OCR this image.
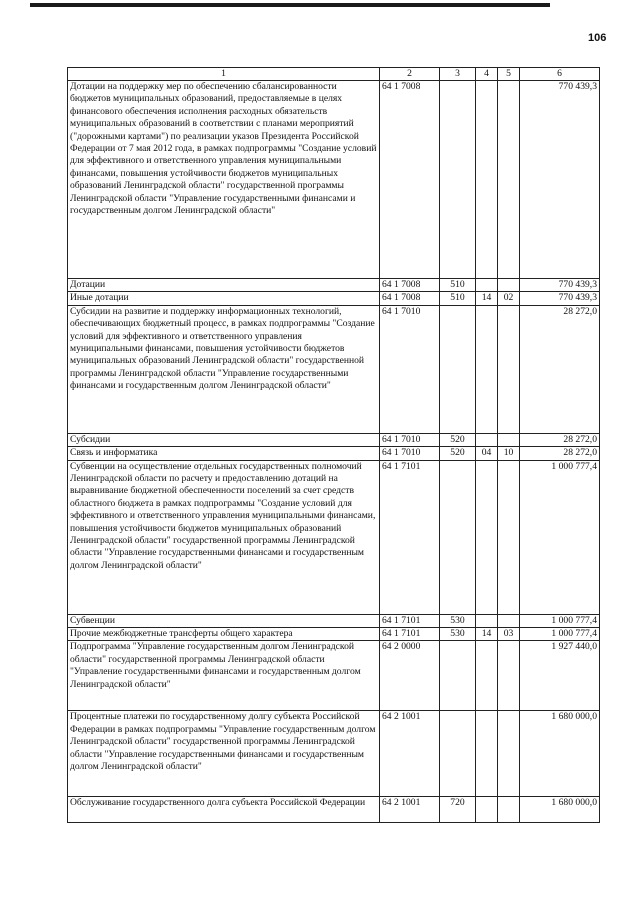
106
1	2	3	4	5	6
Дотации на поддержку мер по обеспечению сбалансированности бюджетов муниципальных образований, предоставляемые в целях финансового обеспечения исполнения расходных обязательств муниципальных образований в соответствии с планами мероприятий ("дорожными картами") по реализации указов Президента Российской Федерации от 7 мая 2012 года, в рамках подпрограммы "Создание условий для эффективного и ответственного управления муниципальными финансами, повышения устойчивости бюджетов муниципальных образований Ленинградской области" государственной программы Ленинградской области "Управление государственными финансами и государственным долгом Ленинградской области"	64 1 7008				770 439,3
Дотации	64 1 7008	510			770 439,3
Иные дотации	64 1 7008	510	14	02	770 439,3
Субсидии на развитие и поддержку информационных технологий, обеспечивающих бюджетный процесс, в рамках подпрограммы "Создание условий для эффективного и ответственного управления муниципальными финансами, повышения устойчивости бюджетов муниципальных образований Ленинградской области" государственной программы Ленинградской области "Управление государственными финансами и государственным долгом Ленинградской области"	64 1 7010				28 272,0
Субсидии	64 1 7010	520			28 272,0
Связь и информатика	64 1 7010	520	04	10	28 272,0
Субвенции на осуществление отдельных государственных полномочий Ленинградской области по расчету и предоставлению дотаций на выравнивание бюджетной обеспеченности поселений за счет средств областного бюджета в рамках подпрограммы "Создание условий для эффективного и ответственного управления муниципальными финансами, повышения устойчивости бюджетов муниципальных образований Ленинградской области" государственной программы Ленинградской области "Управление государственными финансами и государственным долгом Ленинградской области"	64 1 7101				1 000 777,4
Субвенции	64 1 7101	530			1 000 777,4
Прочие межбюджетные трансферты общего характера	64 1 7101	530	14	03	1 000 777,4
Подпрограмма "Управление государственным долгом Ленинградской области" государственной программы Ленинградской области "Управление государственными финансами и государственным долгом Ленинградской области"	64 2 0000				1 927 440,0
Процентные платежи по государственному долгу субъекта Российской Федерации в рамках подпрограммы "Управление государственным долгом Ленинградской области" государственной программы Ленинградской области "Управление государственными финансами и государственным долгом Ленинградской области"	64 2 1001				1 680 000,0
Обслуживание государственного долга субъекта Российской Федерации	64 2 1001	720			1 680 000,0
